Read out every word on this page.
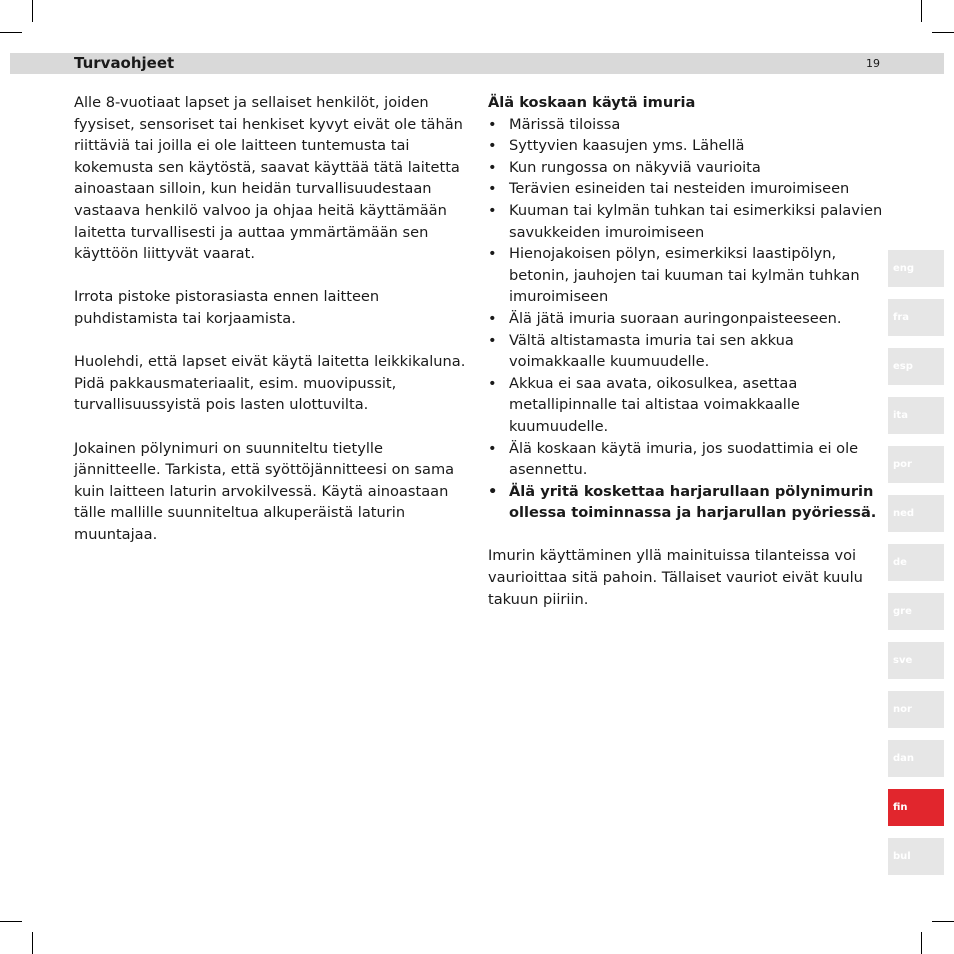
Turvaohjeet	19

Alle 8-vuotiaat lapset ja sellaiset henkilöt, joiden fyysiset, sensoriset tai henkiset kyvyt eivät ole tähän riittäviä tai joilla ei ole laitteen tuntemusta tai kokemusta sen käytöstä, saavat käyttää tätä laitetta ainoastaan silloin, kun heidän turvallisuudestaan vastaava henkilö valvoo ja ohjaa heitä käyttämään laitetta turvallisesti ja auttaa ymmärtämään sen käyttöön liittyvät vaarat.

Irrota pistoke pistorasiasta ennen laitteen puhdistamista tai korjaamista.

Huolehdi, että lapset eivät käytä laitetta leikkikaluna. Pidä pakkausmateriaalit, esim. muovipussit, turvallisuussyistä pois lasten ulottuvilta.

Jokainen pölynimuri on suunniteltu tietylle jännitteelle. Tarkista, että syöttöjännitteesi on sama kuin laitteen laturin arvokilvessä. Käytä ainoastaan tälle mallille suunniteltua alkuperäistä laturin muuntajaa.

Älä koskaan käytä imuria

• Märissä tiloissa
• Syttyvien kaasujen yms. Lähellä
• Kun rungossa on näkyviä vaurioita
• Terävien esineiden tai nesteiden imuroimiseen
• Kuuman tai kylmän tuhkan tai esimerkiksi palavien savukkeiden imuroimiseen
• Hienojakoisen pölyn, esimerkiksi laastipölyn, betonin, jauhojen tai kuuman tai kylmän tuhkan imuroimiseen
• Älä jätä imuria suoraan auringonpaisteeseen.
• Vältä altistamasta imuria tai sen akkua voimakkaalle kuumuudelle.
• Akkua ei saa avata, oikosulkea, asettaa metallipinnalle tai altistaa voimakkaalle kuumuudelle.
• Älä koskaan käytä imuria, jos suodattimia ei ole asennettu.
• Älä yritä koskettaa harjarullaan pölynimurin ollessa toiminnassa ja harjarullan pyöriessä.

Imurin käyttäminen yllä mainituissa tilanteissa voi vaurioittaa sitä pahoin. Tällaiset vauriot eivät kuulu takuun piiriin.

eng
fra
esp
ita
por
ned
de
gre
sve
nor
dan
fin
bul
